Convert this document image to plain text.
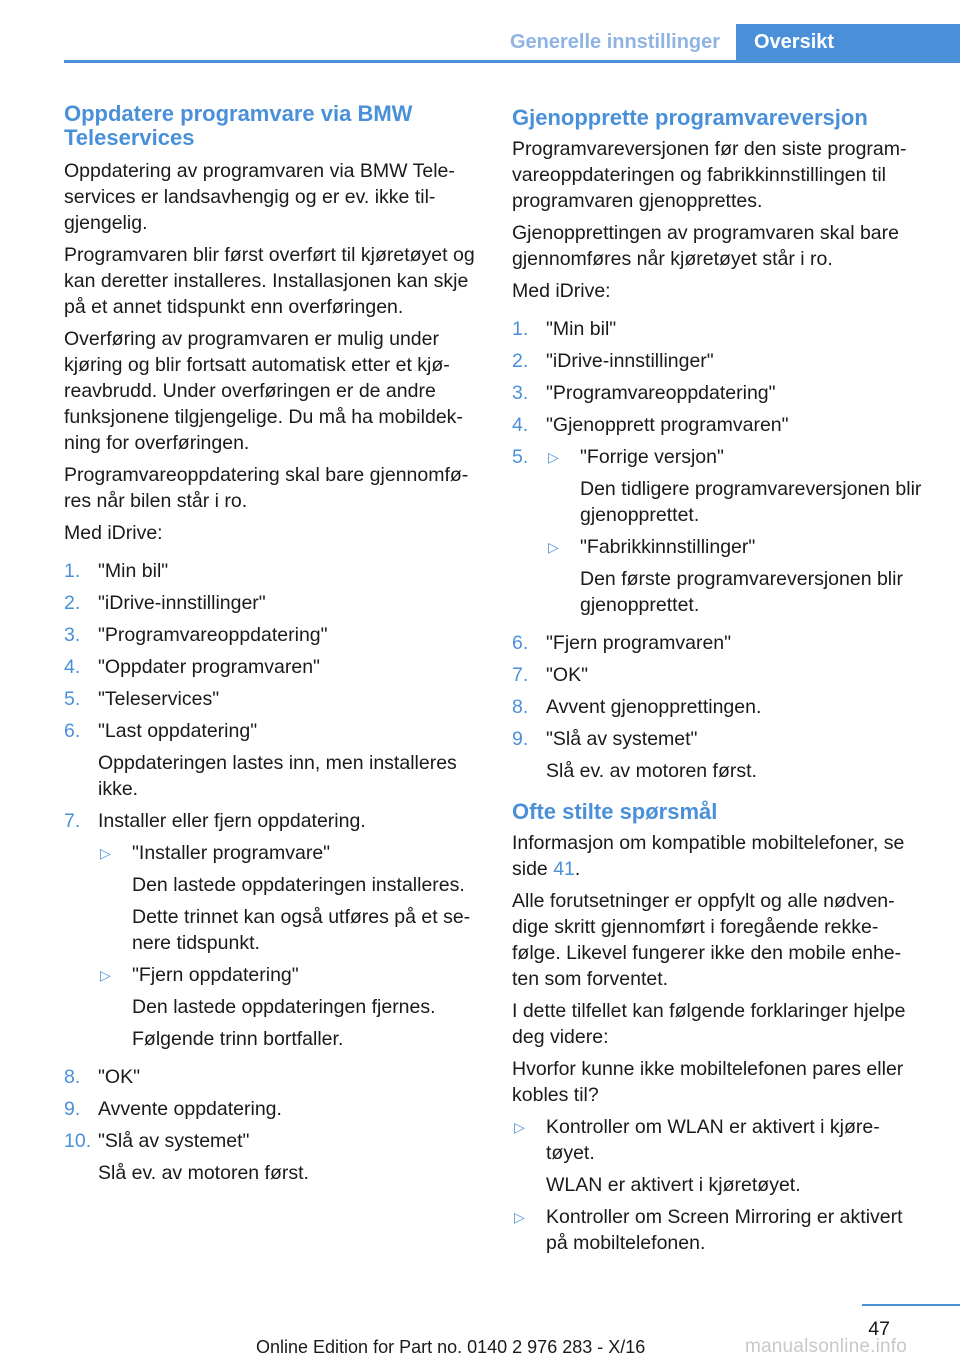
Generelle innstillinger	Oversikt
Oppdatere programvare via BMW Teleservices

Oppdatering av programvaren via BMW Tele‐services er landsavhengig og er ev. ikke til‐gjengelig.

Programvaren blir først overført til kjøretøyet og kan deretter installeres. Installasjonen kan skje på et annet tidspunkt enn overføringen.

Overføring av programvaren er mulig under kjøring og blir fortsatt automatisk etter et kjø‐reavbrudd. Under overføringen er de andre funksjonene tilgjengelige. Du må ha mobildek‐ning for overføringen.

Programvareoppdatering skal bare gjennomfø‐res når bilen står i ro.

Med iDrive:

1. "Min bil"
2. "iDrive-innstillinger"
3. "Programvareoppdatering"
4. "Oppdater programvaren"
5. "Teleservices"
6. "Last oppdatering"
Oppdateringen lastes inn, men installeres ikke.
7. Installer eller fjern oppdatering.
▷	"Installer programvare"
Den lastede oppdateringen installeres.
Dette trinnet kan også utføres på et se‐nere tidspunkt.
▷	"Fjern oppdatering"
Den lastede oppdateringen fjernes.
Følgende trinn bortfaller.
8. "OK"
9. Avvente oppdatering.
10. "Slå av systemet"
Slå ev. av motoren først.
Gjenopprette programvareversjon

Programvareversjonen før den siste program‐vareoppdateringen og fabrikkinnstillingen til programvaren gjenopprettes.

Gjenopprettingen av programvaren skal bare gjennomføres når kjøretøyet står i ro.

Med iDrive:

1. "Min bil"
2. "iDrive-innstillinger"
3. "Programvareoppdatering"
4. "Gjenopprett programvaren"
5.	▷	"Forrige versjon"
Den tidligere programvareversjonen blir gjenopprettet.
▷	"Fabrikkinnstillinger"
Den første programvareversjonen blir gjenopprettet.
6. "Fjern programvaren"
7. "OK"
8. Avvent gjenopprettingen.
9. "Slå av systemet"
Slå ev. av motoren først.
Ofte stilte spørsmål

Informasjon om kompatible mobiltelefoner, se side 41.

Alle forutsetninger er oppfylt og alle nødven‐dige skritt gjennomført i foregående rekke‐følge. Likevel fungerer ikke den mobile enhe‐ten som forventet.

I dette tilfellet kan følgende forklaringer hjelpe deg videre:

Hvorfor kunne ikke mobiltelefonen pares eller kobles til?

▷	Kontroller om WLAN er aktivert i kjøre‐tøyet.
WLAN er aktivert i kjøretøyet.
▷	Kontroller om Screen Mirroring er aktivert på mobiltelefonen.
47
Online Edition for Part no. 0140 2 976 283 - X/16	manualsonline.info
